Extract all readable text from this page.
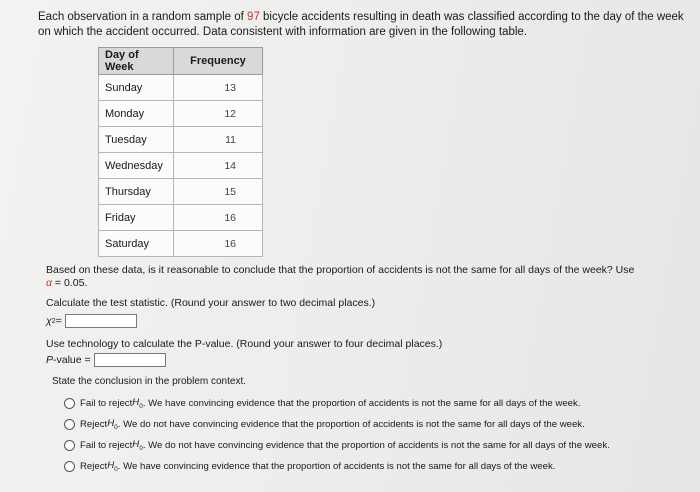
Each observation in a random sample of 97 bicycle accidents resulting in death was classified according to the day of the week on which the accident occurred. Data consistent with information are given in the following table.
Day of Week	Frequency
Sunday	13
Monday	12
Tuesday	11
Wednesday	14
Thursday	15
Friday	16
Saturday	16
Based on these data, is it reasonable to conclude that the proportion of accidents is not the same for all days of the week? Use
α = 0.05.
Calculate the test statistic. (Round your answer to two decimal places.)
χ 2 =
Use technology to calculate the P-value. (Round your answer to four decimal places.)
P -value =
State the conclusion in the problem context.
Fail to reject $H_0$ . We have convincing evidence that the proportion of accidents is not the same for all days of the week.
Reject $H_0$ . We do not have convincing evidence that the proportion of accidents is not the same for all days of the week.
Fail to reject $H_0$ . We do not have convincing evidence that the proportion of accidents is not the same for all days of the week.
Reject $H_0$ . We have convincing evidence that the proportion of accidents is not the same for all days of the week.
